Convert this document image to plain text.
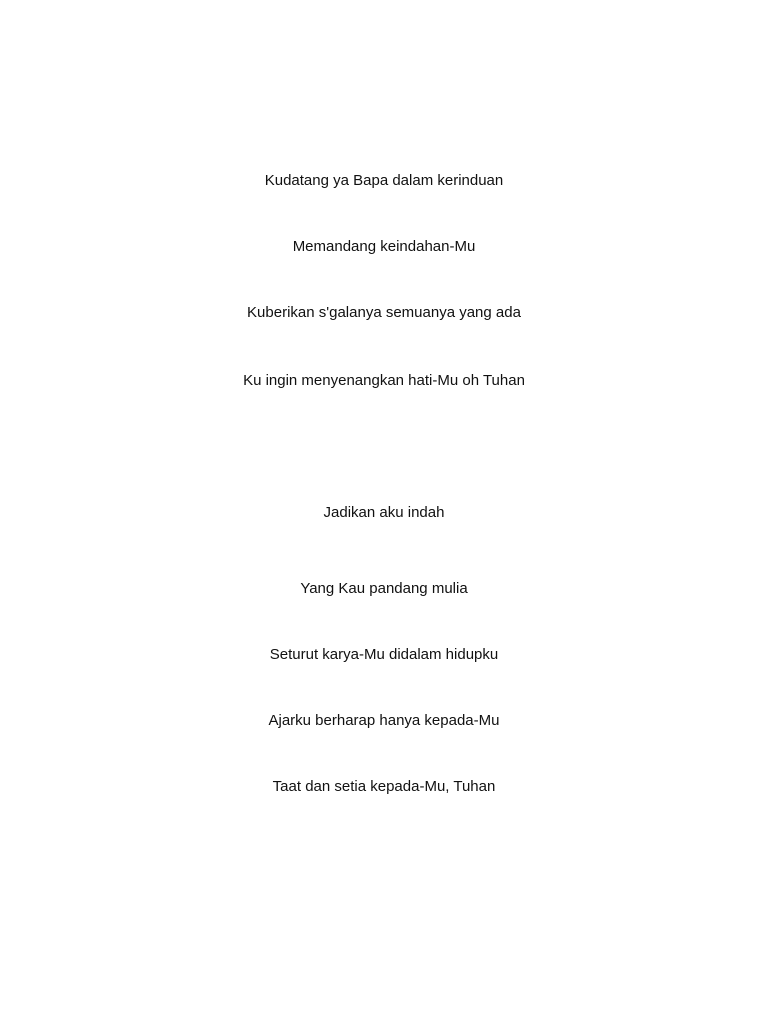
Kudatang ya Bapa dalam kerinduan
Memandang keindahan-Mu
Kuberikan s'galanya semuanya yang ada
Ku ingin menyenangkan hati-Mu oh Tuhan
Jadikan aku indah
Yang Kau pandang mulia
Seturut karya-Mu didalam hidupku
Ajarku berharap hanya kepada-Mu
Taat dan setia kepada-Mu, Tuhan
